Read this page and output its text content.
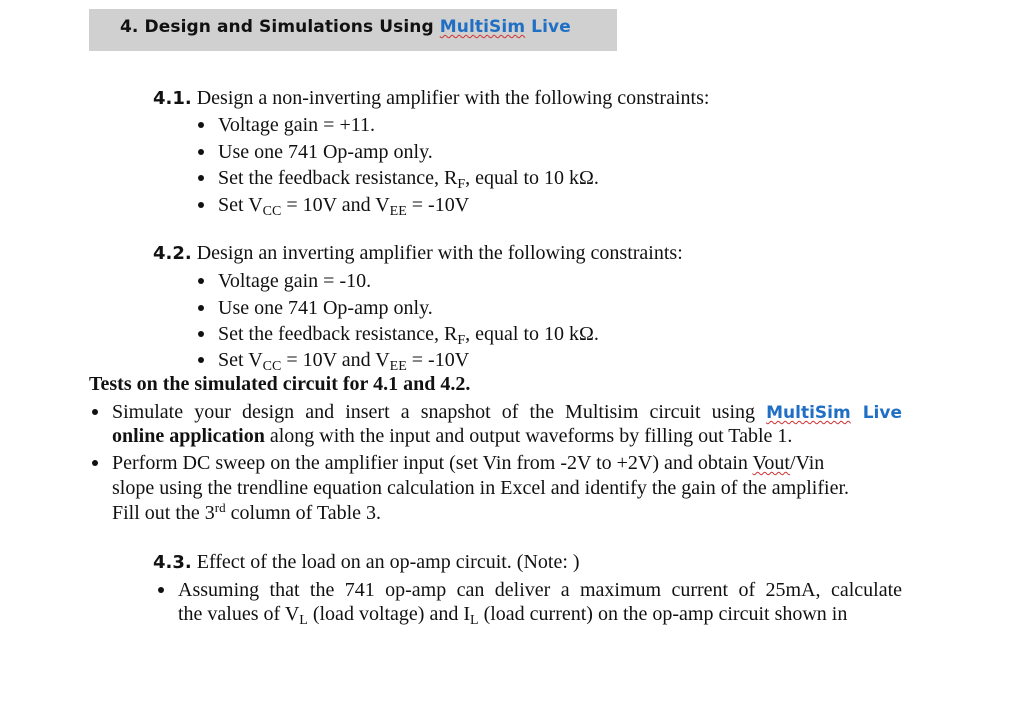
4. Design and Simulations Using MultiSim Live
4.1. Design a non-inverting amplifier with the following constraints:
Voltage gain = +11.
Use one 741 Op-amp only.
Set the feedback resistance, $R_F$, equal to 10 kΩ.
Set $V_{CC} = 10V$ and $V_{EE} = -10V$
4.2. Design an inverting amplifier with the following constraints:
Voltage gain = -10.
Use one 741 Op-amp only.
Set the feedback resistance, $R_F$, equal to 10 kΩ.
Set $V_{CC} = 10V$ and $V_{EE} = -10V$
Tests on the simulated circuit for 4.1 and 4.2.
Simulate your design and insert a snapshot of the Multisim circuit using MultiSim Live
online application along with the input and output waveforms by filling out Table 1.
Perform DC sweep on the amplifier input (set Vin from -2V to +2V) and obtain Vout/Vin
slope using the trendline equation calculation in Excel and identify the gain of the amplifier.
Fill out the 3rd column of Table 3.
4.3. Effect of the load on an op-amp circuit. (Note: )
Assuming that the 741 op-amp can deliver a maximum current of 25mA, calculate
the values of $V_L$ (load voltage) and $I_L$ (load current) on the op-amp circuit shown in
